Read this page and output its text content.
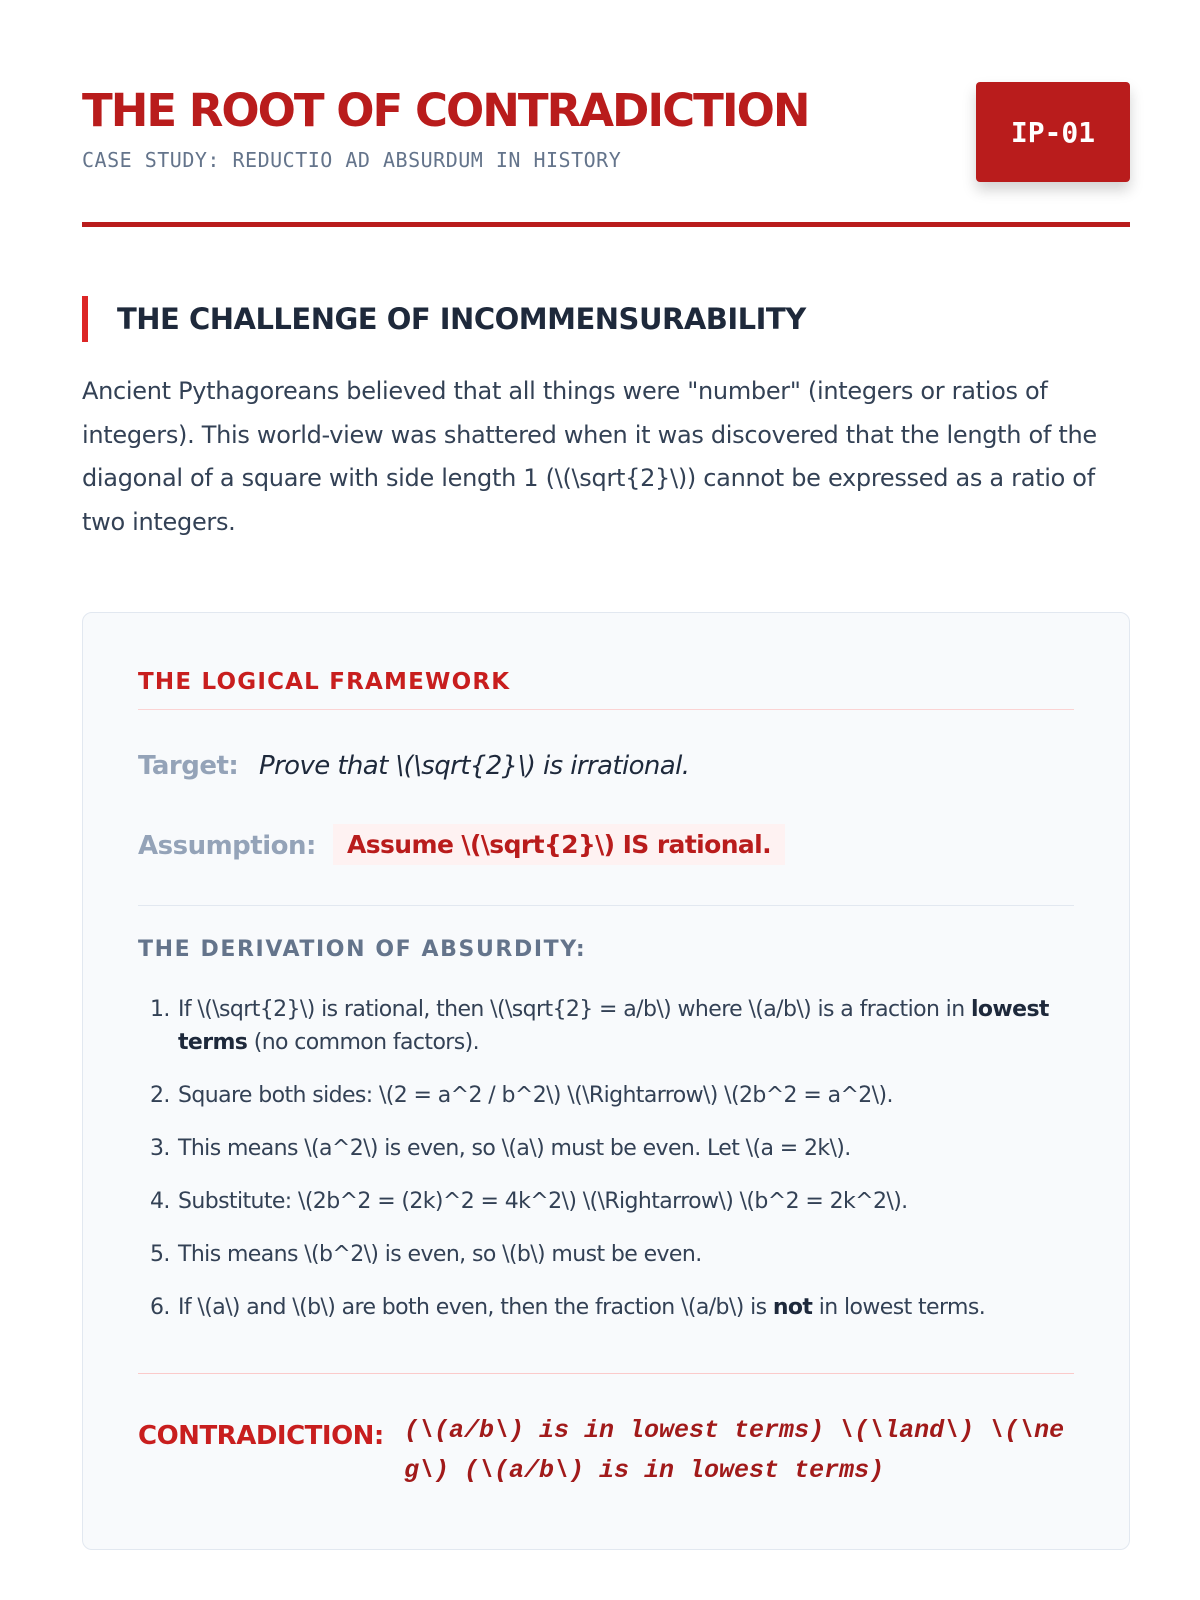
THE ROOT OF CONTRADICTION
CASE STUDY: REDUCTIO AD ABSURDUM IN HISTORY
IP-01
THE CHALLENGE OF INCOMMENSURABILITY

Ancient Pythagoreans believed that all things were "number" (integers or ratios of integers). This world-view was shattered when it was discovered that the length of the diagonal of a square with side length 1 (\(\sqrt{2}\)) cannot be expressed as a ratio of two integers.

THE LOGICAL FRAMEWORK
Target: Prove that \(\sqrt{2}\) is irrational.
Assumption:	Assume \(\sqrt{2}\) IS rational.
THE DERIVATION OF ABSURDITY:
1. If \(\sqrt{2}\) is rational, then \(\sqrt{2} = a/b\) where \(a/b\) is a fraction in lowest terms (no common factors).
2. Square both sides: \(2 = a^2 / b^2\) \(\Rightarrow\) \(2b^2 = a^2\).
3. This means \(a^2\) is even, so \(a\) must be even. Let \(a = 2k\).
4. Substitute: \(2b^2 = (2k)^2 = 4k^2\) \(\Rightarrow\) \(b^2 = 2k^2\).
5. This means \(b^2\) is even, so \(b\) must be even.
6. If \(a\) and \(b\) are both even, then the fraction \(a/b\) is not in lowest terms.
CONTRADICTION: (\(a/b\) is in lowest terms) \(\land\) \(\neg\) (\(a/b\) is in lowest terms)
